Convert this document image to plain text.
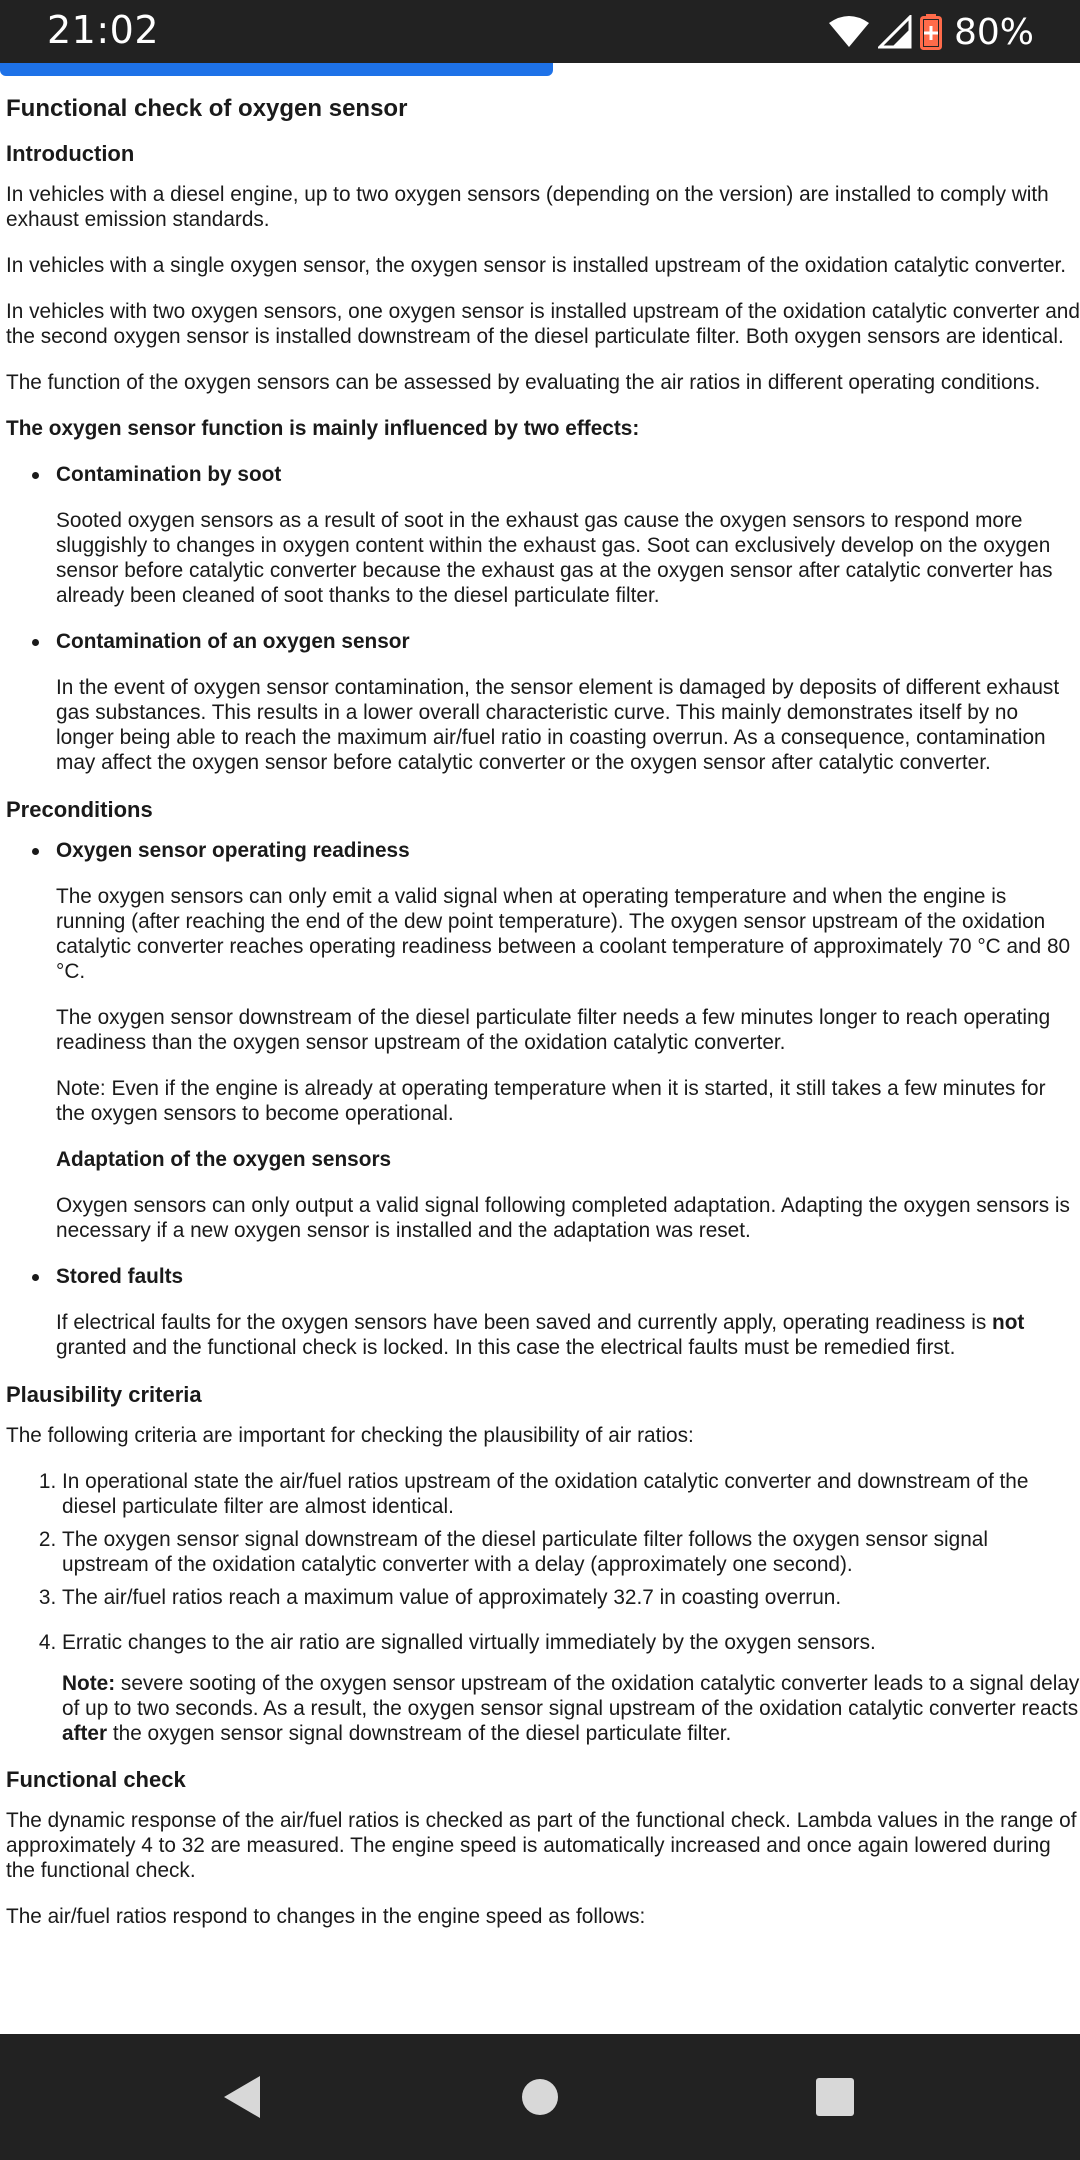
21:02	80%
Functional check of oxygen sensor
Introduction

In vehicles with a diesel engine, up to two oxygen sensors (depending on the version) are installed to comply with exhaust emission standards.

In vehicles with a single oxygen sensor, the oxygen sensor is installed upstream of the oxidation catalytic converter.

In vehicles with two oxygen sensors, one oxygen sensor is installed upstream of the oxidation catalytic converter and the second oxygen sensor is installed downstream of the diesel particulate filter. Both oxygen sensors are identical.

The function of the oxygen sensors can be assessed by evaluating the air ratios in different operating conditions.

The oxygen sensor function is mainly influenced by two effects:

Contamination by soot

Sooted oxygen sensors as a result of soot in the exhaust gas cause the oxygen sensors to respond more sluggishly to changes in oxygen content within the exhaust gas. Soot can exclusively develop on the oxygen sensor before catalytic converter because the exhaust gas at the oxygen sensor after catalytic converter has already been cleaned of soot thanks to the diesel particulate filter.

Contamination of an oxygen sensor

In the event of oxygen sensor contamination, the sensor element is damaged by deposits of different exhaust gas substances. This results in a lower overall characteristic curve. This mainly demonstrates itself by no longer being able to reach the maximum air/fuel ratio in coasting overrun. As a consequence, contamination may affect the oxygen sensor before catalytic converter or the oxygen sensor after catalytic converter.

Preconditions
Oxygen sensor operating readiness

The oxygen sensors can only emit a valid signal when at operating temperature and when the engine is running (after reaching the end of the dew point temperature). The oxygen sensor upstream of the oxidation catalytic converter reaches operating readiness between a coolant temperature of approximately 70 °C and 80 °C.

The oxygen sensor downstream of the diesel particulate filter needs a few minutes longer to reach operating readiness than the oxygen sensor upstream of the oxidation catalytic converter.

Note: Even if the engine is already at operating temperature when it is started, it still takes a few minutes for the oxygen sensors to become operational.

Adaptation of the oxygen sensors

Oxygen sensors can only output a valid signal following completed adaptation. Adapting the oxygen sensors is necessary if a new oxygen sensor is installed and the adaptation was reset.

Stored faults

If electrical faults for the oxygen sensors have been saved and currently apply, operating readiness is not granted and the functional check is locked. In this case the electrical faults must be remedied first.

Plausibility criteria

The following criteria are important for checking the plausibility of air ratios:

1. In operational state the air/fuel ratios upstream of the oxidation catalytic converter and downstream of the diesel particulate filter are almost identical.
2. The oxygen sensor signal downstream of the diesel particulate filter follows the oxygen sensor signal upstream of the oxidation catalytic converter with a delay (approximately one second).
3. The air/fuel ratios reach a maximum value of approximately 32.7 in coasting overrun.
4. Erratic changes to the air ratio are signalled virtually immediately by the oxygen sensors.

Note: severe sooting of the oxygen sensor upstream of the oxidation catalytic converter leads to a signal delay of up to two seconds. As a result, the oxygen sensor signal upstream of the oxidation catalytic converter reacts after the oxygen sensor signal downstream of the diesel particulate filter.

Functional check

The dynamic response of the air/fuel ratios is checked as part of the functional check. Lambda values in the range of approximately 4 to 32 are measured. The engine speed is automatically increased and once again lowered during the functional check.

The air/fuel ratios respond to changes in the engine speed as follows:
